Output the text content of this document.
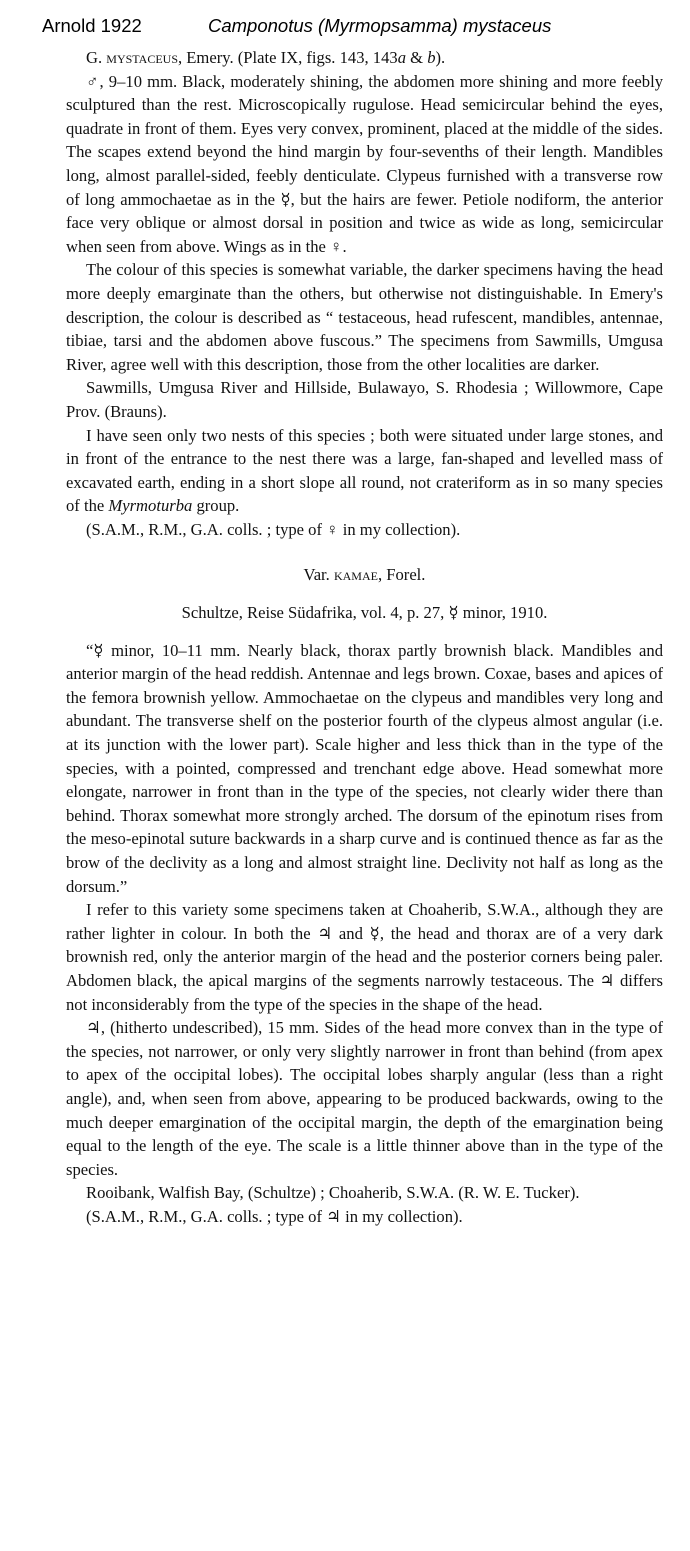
Arnold 1922	Camponotus (Myrmopsamma) mystaceus

G. mystaceus, Emery. (Plate IX, figs. 143, 143a & b).

♂, 9–10 mm. Black, moderately shining, the abdomen more shining and more feebly sculptured than the rest. Microscopically rugulose. Head semicircular behind the eyes, quadrate in front of them. Eyes very convex, prominent, placed at the middle of the sides. The scapes extend beyond the hind margin by four-sevenths of their length. Mandibles long, almost parallel-sided, feebly denticulate. Clypeus furnished with a transverse row of long ammochaetae as in the ☿, but the hairs are fewer. Petiole nodiform, the anterior face very oblique or almost dorsal in position and twice as wide as long, semicircular when seen from above. Wings as in the ♀.

The colour of this species is somewhat variable, the darker specimens having the head more deeply emarginate than the others, but otherwise not distinguishable. In Emery's description, the colour is described as “ testaceous, head rufescent, mandibles, antennae, tibiae, tarsi and the abdomen above fuscous.” The specimens from Sawmills, Umgusa River, agree well with this description, those from the other localities are darker.

Sawmills, Umgusa River and Hillside, Bulawayo, S. Rhodesia ; Willowmore, Cape Prov. (Brauns).

I have seen only two nests of this species ; both were situated under large stones, and in front of the entrance to the nest there was a large, fan-shaped and levelled mass of excavated earth, ending in a short slope all round, not crateriform as in so many species of the Myrmoturba group.

(S.A.M., R.M., G.A. colls. ; type of ♀ in my collection).

Var. kamae, Forel.

Schultze, Reise Südafrika, vol. 4, p. 27, ☿ minor, 1910.

“☿ minor, 10–11 mm. Nearly black, thorax partly brownish black. Mandibles and anterior margin of the head reddish. Antennae and legs brown. Coxae, bases and apices of the femora brownish yellow. Ammochaetae on the clypeus and mandibles very long and abundant. The transverse shelf on the posterior fourth of the clypeus almost angular (i.e. at its junction with the lower part). Scale higher and less thick than in the type of the species, with a pointed, compressed and trenchant edge above. Head somewhat more elongate, narrower in front than in the type of the species, not clearly wider there than behind. Thorax somewhat more strongly arched. The dorsum of the epinotum rises from the meso-epinotal suture backwards in a sharp curve and is continued thence as far as the brow of the declivity as a long and almost straight line. Declivity not half as long as the dorsum.”

I refer to this variety some specimens taken at Choaherib, S.W.A., although they are rather lighter in colour. In both the ♃ and ☿, the head and thorax are of a very dark brownish red, only the anterior margin of the head and the posterior corners being paler. Abdomen black, the apical margins of the segments narrowly testaceous. The ♃ differs not inconsiderably from the type of the species in the shape of the head.

♃, (hitherto undescribed), 15 mm. Sides of the head more convex than in the type of the species, not narrower, or only very slightly narrower in front than behind (from apex to apex of the occipital lobes). The occipital lobes sharply angular (less than a right angle), and, when seen from above, appearing to be produced backwards, owing to the much deeper emargination of the occipital margin, the depth of the emargination being equal to the length of the eye. The scale is a little thinner above than in the type of the species.

Rooibank, Walfish Bay, (Schultze) ; Choaherib, S.W.A. (R. W. E. Tucker).

(S.A.M., R.M., G.A. colls. ; type of ♃ in my collection).
